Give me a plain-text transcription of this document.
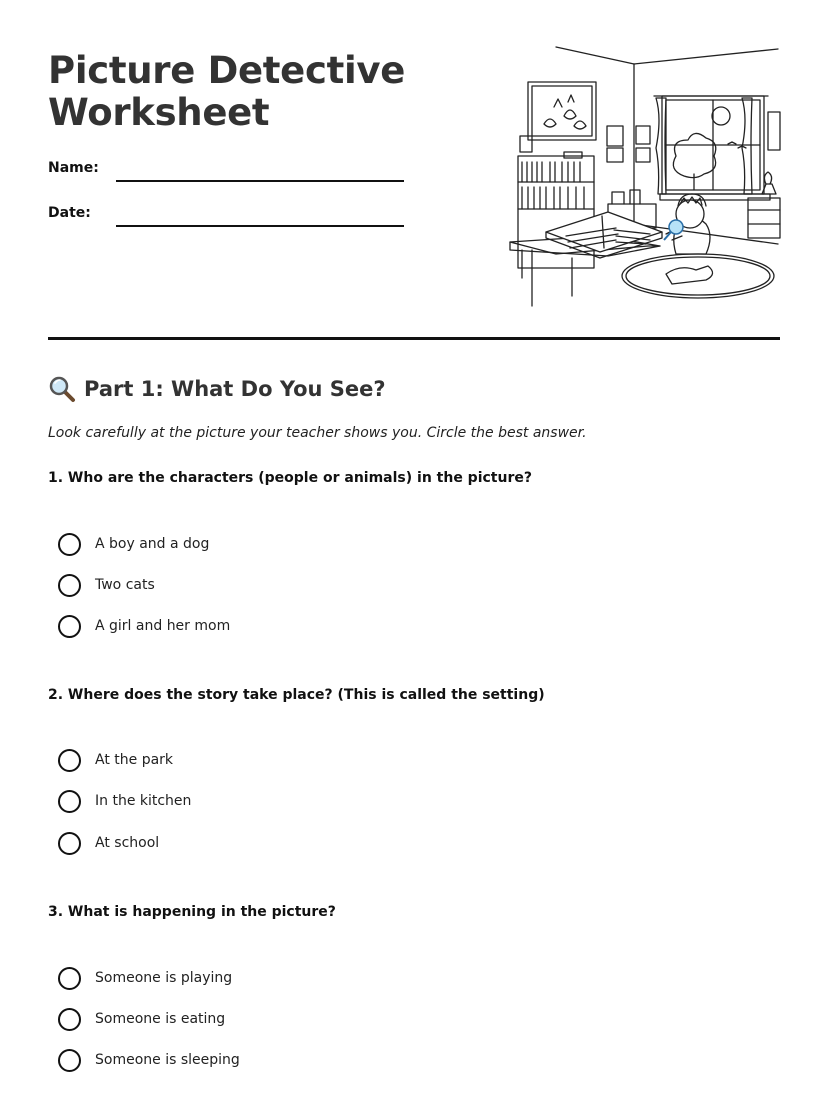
Picture Detective
Worksheet
Name:
Date:
Part 1: What Do You See?
Look carefully at the picture your teacher shows you. Circle the best answer.
1. Who are the characters (people or animals) in the picture?
A boy and a dog
Two cats
A girl and her mom
2. Where does the story take place? (This is called the setting)
At the park
In the kitchen
At school
3. What is happening in the picture?
Someone is playing
Someone is eating
Someone is sleeping
